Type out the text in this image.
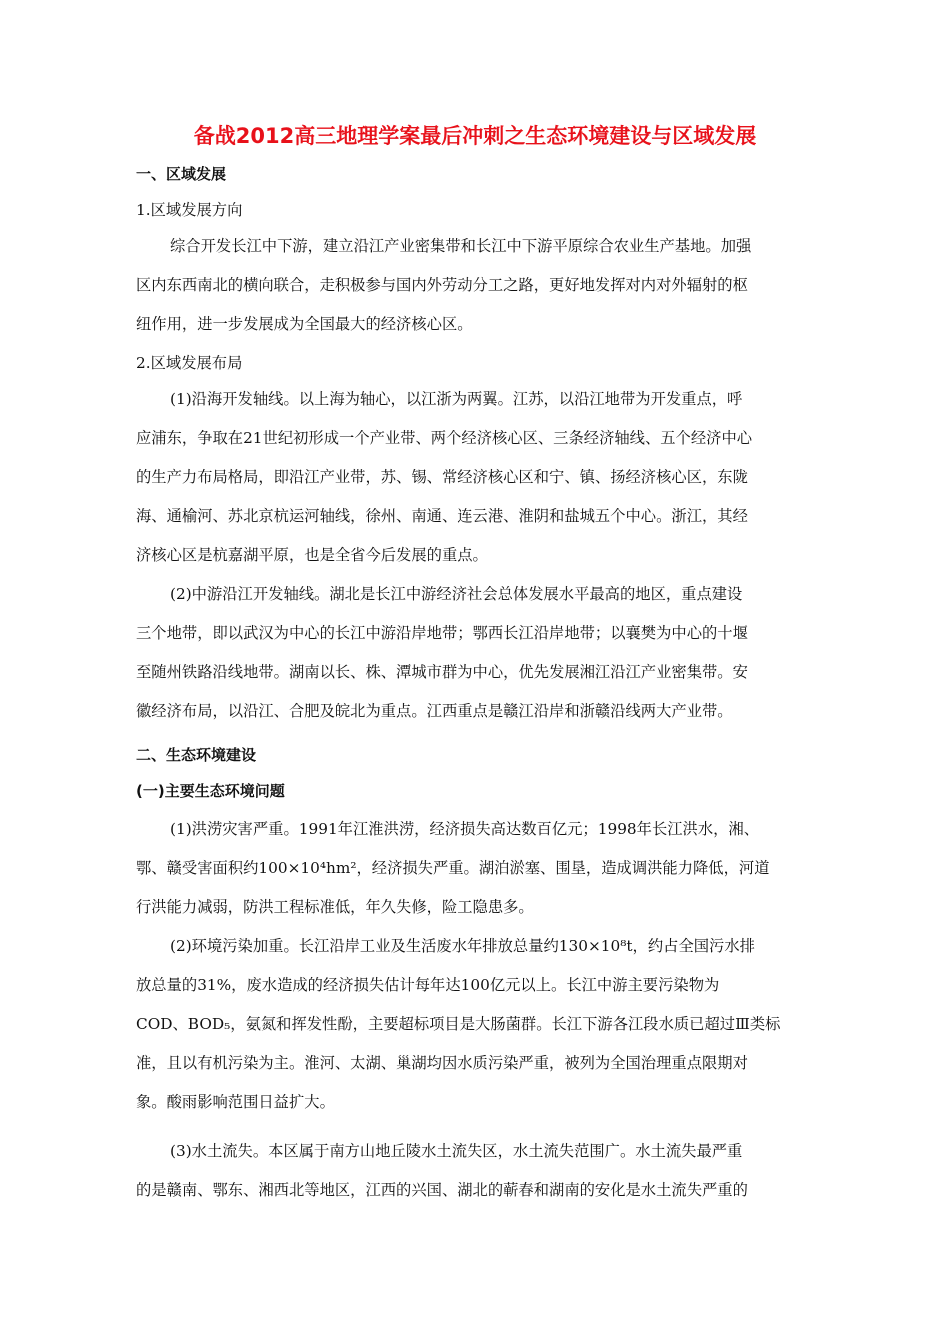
备战2012高三地理学案最后冲刺之生态环境建设与区域发展
一、区域发展
1.区域发展方向
综合开发长江中下游，建立沿江产业密集带和长江中下游平原综合农业生产基地。加强
区内东西南北的横向联合，走积极参与国内外劳动分工之路，更好地发挥对内对外辐射的枢
纽作用，进一步发展成为全国最大的经济核心区。
2.区域发展布局
(1)沿海开发轴线。以上海为轴心，以江浙为两翼。江苏，以沿江地带为开发重点，呼
应浦东，争取在21世纪初形成一个产业带、两个经济核心区、三条经济轴线、五个经济中心
的生产力布局格局，即沿江产业带，苏、锡、常经济核心区和宁、镇、扬经济核心区，东陇
海、通榆河、苏北京杭运河轴线，徐州、南通、连云港、淮阴和盐城五个中心。浙江，其经
济核心区是杭嘉湖平原，也是全省今后发展的重点。
(2)中游沿江开发轴线。湖北是长江中游经济社会总体发展水平最高的地区，重点建设
三个地带，即以武汉为中心的长江中游沿岸地带；鄂西长江沿岸地带；以襄樊为中心的十堰
至随州铁路沿线地带。湖南以长、株、潭城市群为中心，优先发展湘江沿江产业密集带。安
徽经济布局，以沿江、合肥及皖北为重点。江西重点是赣江沿岸和浙赣沿线两大产业带。
二、生态环境建设
(一)主要生态环境问题
(1)洪涝灾害严重。1991年江淮洪涝，经济损失高达数百亿元；1998年长江洪水，湘、
鄂、赣受害面积约100×10⁴hm²，经济损失严重。湖泊淤塞、围垦，造成调洪能力降低，河道
行洪能力减弱，防洪工程标准低，年久失修，险工隐患多。
(2)环境污染加重。长江沿岸工业及生活废水年排放总量约130×10⁸t，约占全国污水排
放总量的31%，废水造成的经济损失估计每年达100亿元以上。长江中游主要污染物为
COD、BOD₅，氨氮和挥发性酚，主要超标项目是大肠菌群。长江下游各江段水质已超过Ⅲ类标
准，且以有机污染为主。淮河、太湖、巢湖均因水质污染严重，被列为全国治理重点限期对
象。酸雨影响范围日益扩大。
(3)水土流失。本区属于南方山地丘陵水土流失区，水土流失范围广。水土流失最严重
的是赣南、鄂东、湘西北等地区，江西的兴国、湖北的蕲春和湖南的安化是水土流失严重的
